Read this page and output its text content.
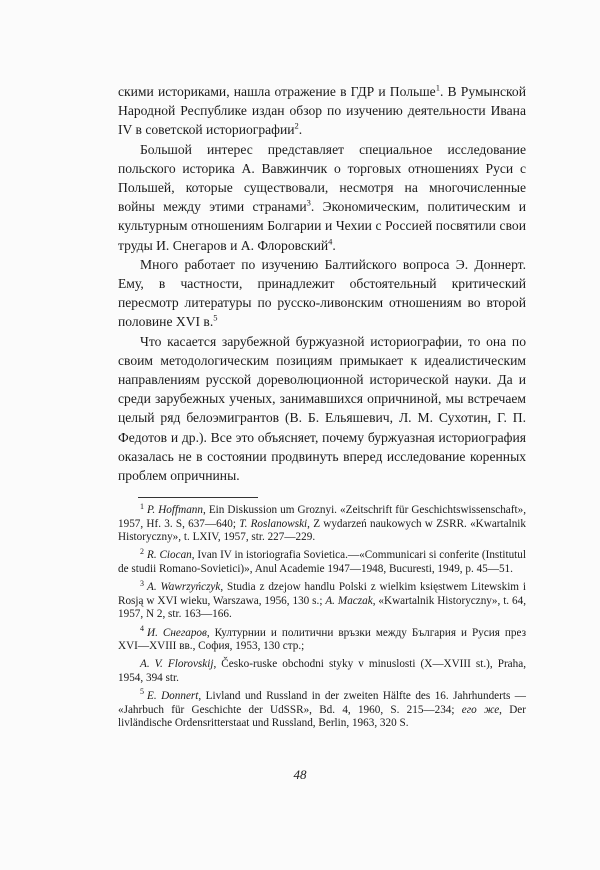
скими историками, нашла отражение в ГДР и Польше$^1$. В Румынской Народной Республике издан обзор по изучению деятельности Ивана IV в советской историографии$^2$.

Большой интерес представляет специальное исследование польского историка А. Вавжинчик о торговых отношениях Руси с Польшей, которые существовали, несмотря на многочисленные войны между этими странами$^3$. Экономическим, политическим и культурным отношениям Болгарии и Чехии с Россией посвятили свои труды И. Снегаров и А. Флоровский$^4$.

Много работает по изучению Балтийского вопроса Э. Доннерт. Ему, в частности, принадлежит обстоятельный критический пересмотр литературы по русско-ливонским отношениям во второй половине XVI в.$^5$

Что касается зарубежной буржуазной историографии, то она по своим методологическим позициям примыкает к идеалистическим направлениям русской дореволюционной исторической науки. Да и среди зарубежных ученых, занимавшихся опричниной, мы встречаем целый ряд белоэмигрантов (В. Б. Ельяшевич, Л. М. Сухотин, Г. П. Федотов и др.). Все это объясняет, почему буржуазная историография оказалась не в состоянии продвинуть вперед исследование коренных проблем опричнины.

$^1$ P. Hoffmann, Ein Diskussion um Groznyi. «Zeitschrift für Geschichtswissenschaft», 1957, Hf. 3. S, 637—640; T. Roslanowski, Z wydarzeń naukowych w ZSRR. «Kwartalnik Historyczny», t. LXIV, 1957, str. 227—229.

$^2$ R. Ciocan, Ivan IV in istoriografia Sovietica.—«Communicari si conferite (Institutul de studii Romano-Sovietici)», Anul Academie 1947—1948, Bucuresti, 1949, p. 45—51.

$^3$ A. Wawrzyńczyk, Studia z dzejow handlu Polski z wielkim księstwem Litewskim i Rosją w XVI wieku, Warszawa, 1956, 130 s.; A. Maczak, «Kwartalnik Historyczny», t. 64, 1957, N 2, str. 163—166.

$^4$ И. Снегаров, Културнии и политични връзки между България и Русия през XVI—XVIII вв., София, 1953, 130 стр.;

A. V. Florovskij, Česko-ruske obchodni styky v minuslosti (X—XVIII st.), Praha, 1954, 394 str.

$^5$ E. Donnert, Livland und Russland in der zweiten Hälfte des 16. Jahrhunderts — «Jahrbuch für Geschichte der UdSSR», Bd. 4, 1960, S. 215—234; его же, Der livländische Ordensritterstaat und Russland, Berlin, 1963, 320 S.

48
